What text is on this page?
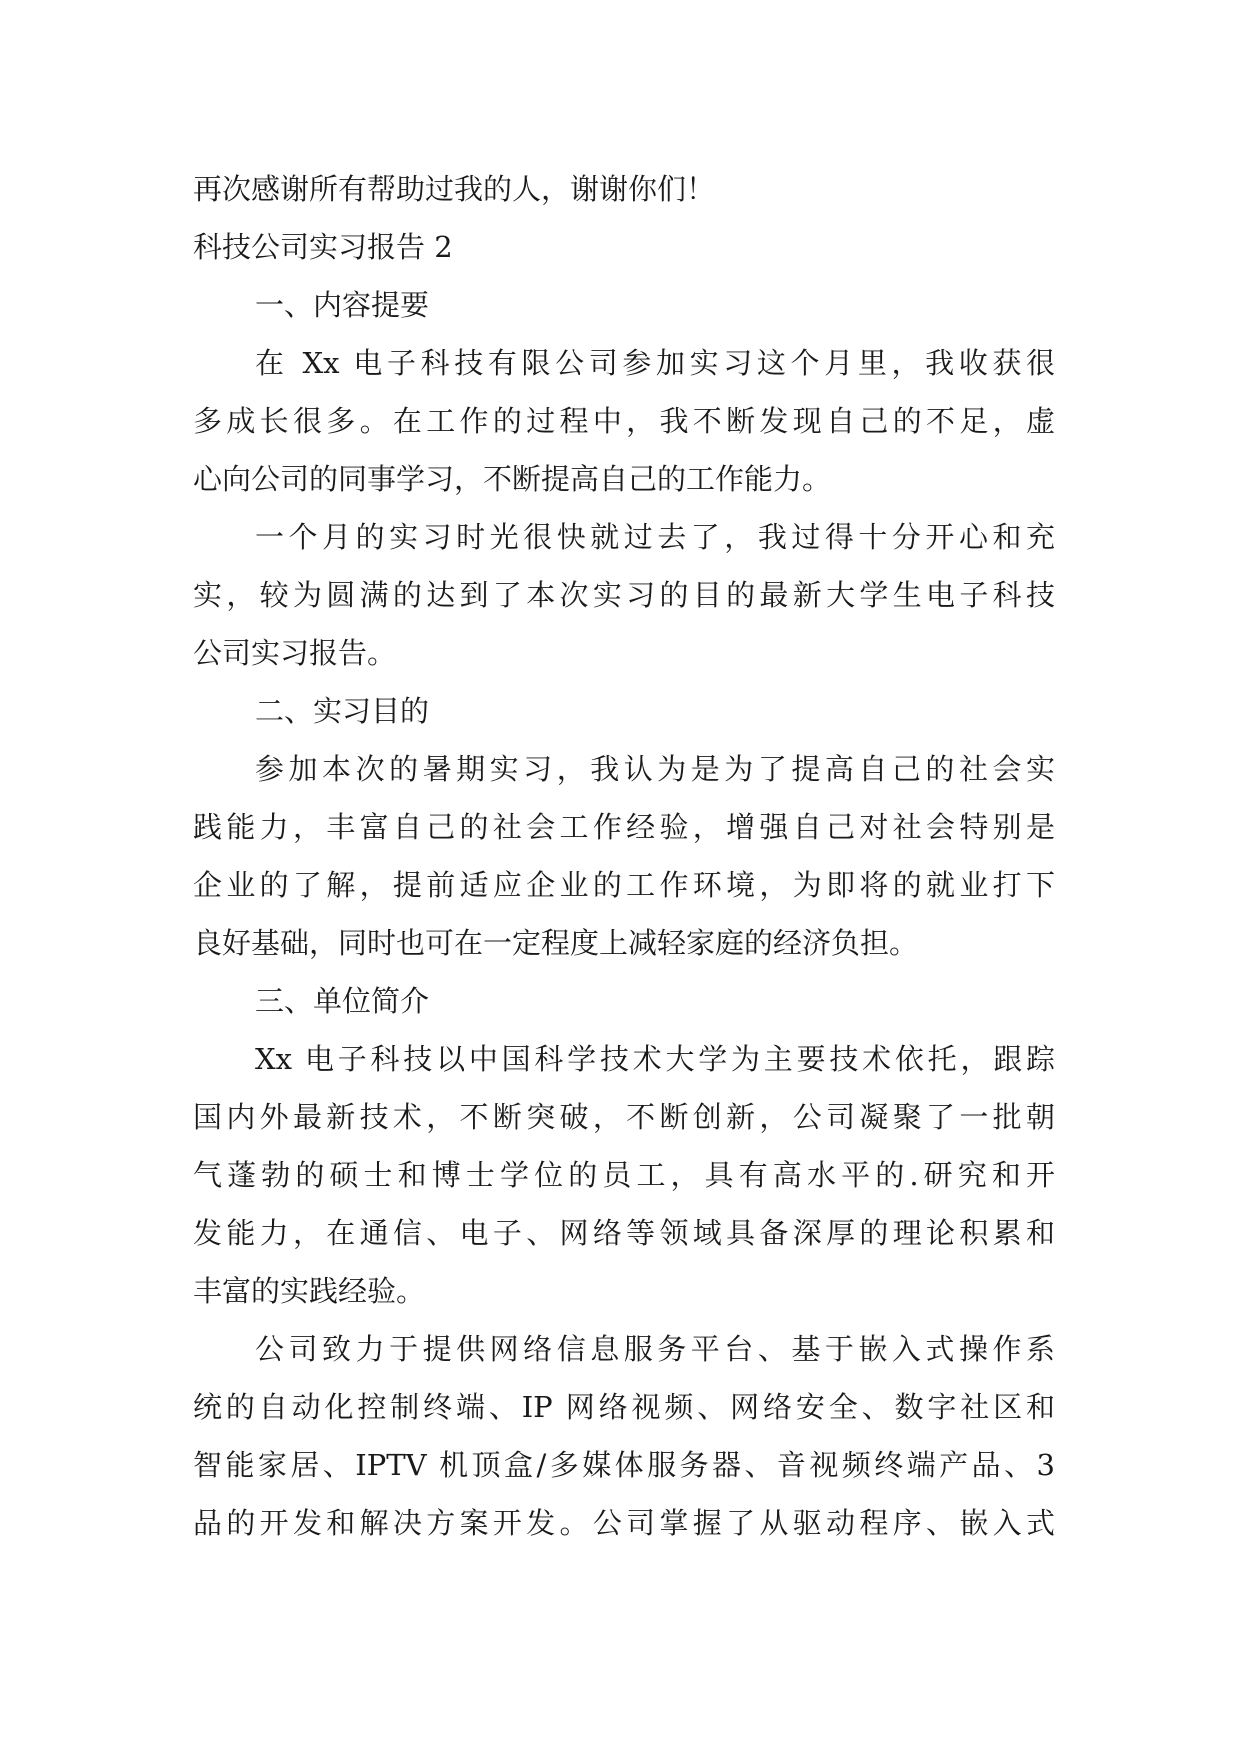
再次感谢所有帮助过我的人，谢谢你们！
科技公司实习报告 2
一、内容提要
在 Xx 电子科技有限公司参加实习这个月里，我收获很
多成长很多。在工作的过程中，我不断发现自己的不足，虚
心向公司的同事学习，不断提高自己的工作能力。
一个月的实习时光很快就过去了，我过得十分开心和充
实，较为圆满的达到了本次实习的目的最新大学生电子科技
公司实习报告。
二、实习目的
参加本次的暑期实习，我认为是为了提高自己的社会实
践能力，丰富自己的社会工作经验，增强自己对社会特别是
企业的了解，提前适应企业的工作环境，为即将的就业打下
良好基础，同时也可在一定程度上减轻家庭的经济负担。
三、单位简介
Xx 电子科技以中国科学技术大学为主要技术依托，跟踪
国内外最新技术，不断突破，不断创新，公司凝聚了一批朝
气蓬勃的硕士和博士学位的员工，具有高水平的.研究和开
发能力，在通信、电子、网络等领域具备深厚的理论积累和
丰富的实践经验。
公司致力于提供网络信息服务平台、基于嵌入式操作系
统的自动化控制终端、IP 网络视频、网络安全、数字社区和
智能家居、IPTV 机顶盒/多媒体服务器、音视频终端产品、3
品的开发和解决方案开发。公司掌握了从驱动程序、嵌入式
